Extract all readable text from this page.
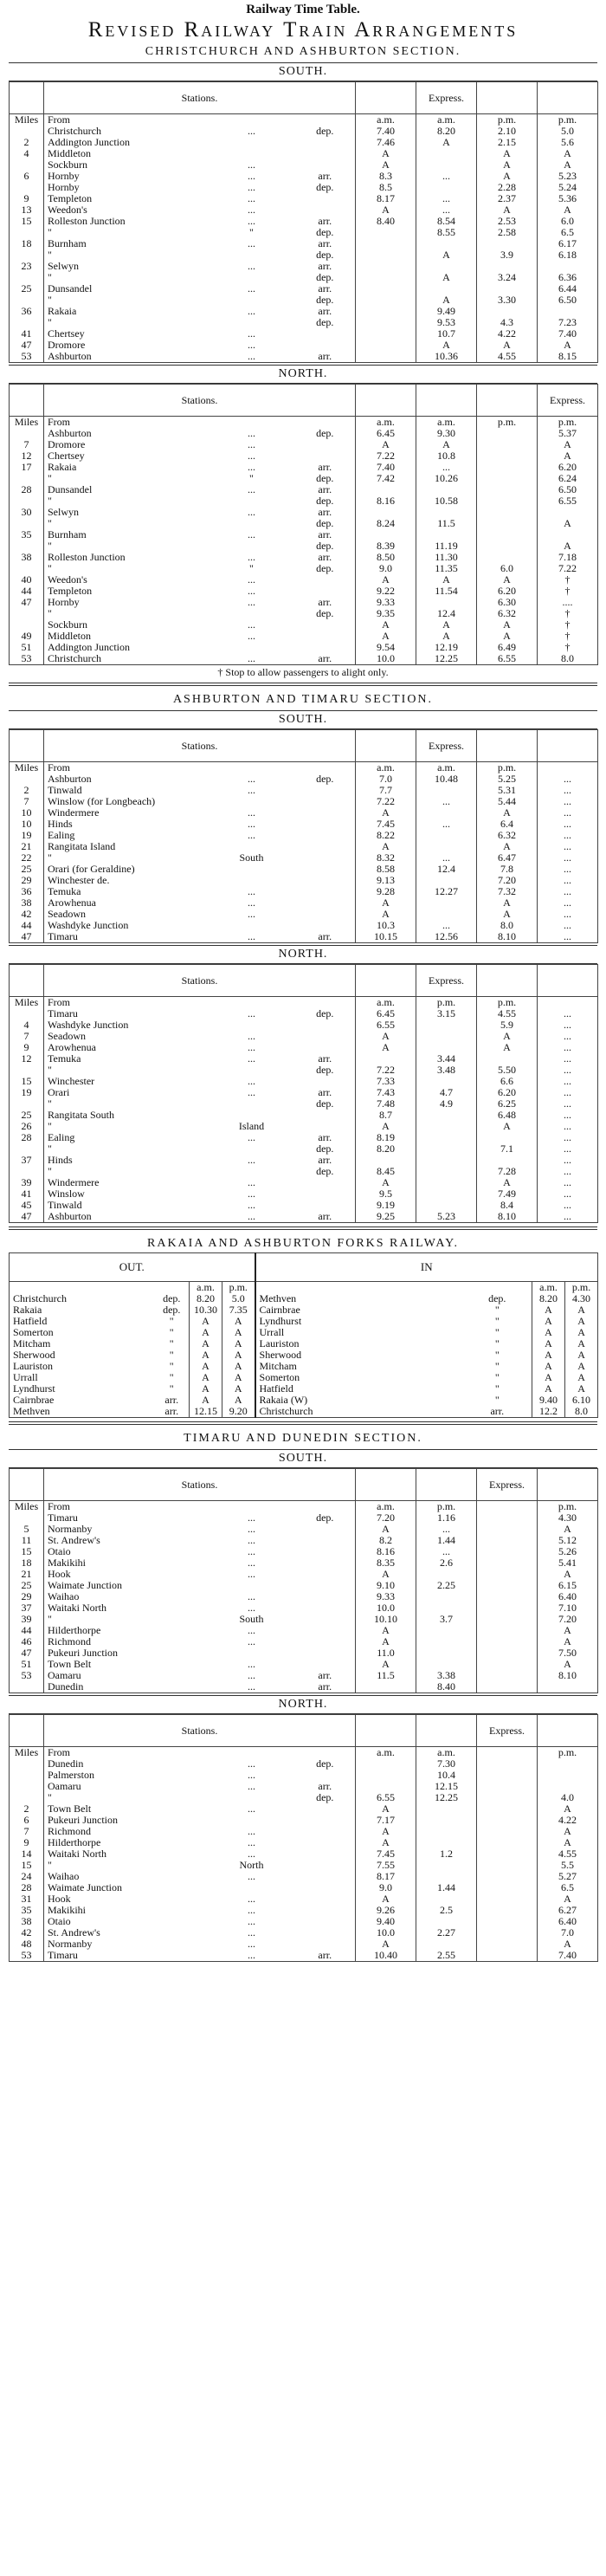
Railway Time Table.
Revised Railway Train Arrangements
CHRISTCHURCH AND ASHBURTON SECTION.
SOUTH.
	Stations.				Express.		
Miles	From			a.m.	a.m.	p.m.	p.m.
	Christchurch	...	dep.	7.40	8.20	2.10	5.0
2	Addington Junction			7.46	A	2.15	5.6
4	Middleton			A		A	A
	Sockburn	...		A		A	A
6	Hornby	...	arr.	8.3	...	A	5.23
	Hornby	...	dep.	8.5		2.28	5.24
9	Templeton	...		8.17	...	2.37	5.36
13	Weedon's	...		A	...	A	A
15	Rolleston Junction	...	arr.	8.40	8.54	2.53	6.0
	"	"	dep.		8.55	2.58	6.5
18	Burnham	...	arr.				6.17
	"		dep.		A	3.9	6.18
23	Selwyn	...	arr.				
	"		dep.		A	3.24	6.36
25	Dunsandel	...	arr.				6.44
	"		dep.		A	3.30	6.50
36	Rakaia	...	arr.		9.49		
	"		dep.		9.53	4.3	7.23
41	Chertsey	...			10.7	4.22	7.40
47	Dromore	...			A	A	A
53	Ashburton	...	arr.		10.36	4.55	8.15
NORTH.
	Stations.						Express.
Miles	From			a.m.	a.m.	p.m.	p.m.
	Ashburton	...	dep.	6.45	9.30		5.37
7	Dromore	...		A	A		A
12	Chertsey	...		7.22	10.8		A
17	Rakaia	...	arr.	7.40	...		6.20
	"	"	dep.	7.42	10.26		6.24
28	Dunsandel	...	arr.				6.50
	"		dep.	8.16	10.58		6.55
30	Selwyn	...	arr.				
	"		dep.	8.24	11.5		A
35	Burnham	...	arr.				
	"		dep.	8.39	11.19		A
38	Rolleston Junction	...	arr.	8.50	11.30		7.18
	"	"	dep.	9.0	11.35	6.0	7.22
40	Weedon's	...		A	A	A	†
44	Templeton	...		9.22	11.54	6.20	†
47	Hornby	...	arr.	9.33		6.30	....
	"		dep.	9.35	12.4	6.32	†
	Sockburn	...		A	A	A	†
49	Middleton	...		A	A	A	†
51	Addington Junction			9.54	12.19	6.49	†
53	Christchurch	...	arr.	10.0	12.25	6.55	8.0
† Stop to allow passengers to alight only.
ASHBURTON AND TIMARU SECTION.
SOUTH.
	Stations.				Express.		
Miles	From			a.m.	a.m.	p.m.	
	Ashburton	...	dep.	7.0	10.48	5.25	...
2	Tinwald	...		7.7		5.31	...
7	Winslow (for Longbeach)			7.22	...	5.44	...
10	Windermere	...		A		A	...
10	Hinds	...		7.45	...	6.4	...
19	Ealing	...		8.22		6.32	...
21	Rangitata Island			A		A	...
22	"	South		8.32	...	6.47	...
25	Orari (for Geraldine)			8.58	12.4	7.8	...
29	Winchester de.			9.13		7.20	...
36	Temuka	...		9.28	12.27	7.32	...
38	Arowhenua	...		A		A	...
42	Seadown	...		A		A	...
44	Washdyke Junction			10.3	...	8.0	...
47	Timaru	...	arr.	10.15	12.56	8.10	...
NORTH.
	Stations.				Express.		
Miles	From			a.m.	p.m.	p.m.	
	Timaru	...	dep.	6.45	3.15	4.55	...
4	Washdyke Junction			6.55		5.9	...
7	Seadown	...		A		A	...
9	Arowhenua	...		A		A	...
12	Temuka	...	arr.		3.44		...
	"		dep.	7.22	3.48	5.50	...
15	Winchester	...		7.33		6.6	...
19	Orari	...	arr.	7.43	4.7	6.20	...
	"		dep.	7.48	4.9	6.25	...
25	Rangitata South			8.7		6.48	...
26	"	Island		A		A	...
28	Ealing	...	arr.	8.19			...
	"		dep.	8.20		7.1	...
37	Hinds	...	arr.				...
	"		dep.	8.45		7.28	...
39	Windermere	...		A		A	...
41	Winslow	...		9.5		7.49	...
45	Tinwald	...		9.19		8.4	...
47	Ashburton	...	arr.	9.25	5.23	8.10	...
RAKAIA AND ASHBURTON FORKS RAILWAY.
OUT.				IN			
		a.m.	p.m.			a.m.	p.m.
Christchurch	dep.	8.20	5.0	Methven	dep.	8.20	4.30
Rakaia	dep.	10.30	7.35	Cairnbrae	"	A	A
Hatfield	"	A	A	Lyndhurst	"	A	A
Somerton	"	A	A	Urrall	"	A	A
Mitcham	"	A	A	Lauriston	"	A	A
Sherwood	"	A	A	Sherwood	"	A	A
Lauriston	"	A	A	Mitcham	"	A	A
Urrall	"	A	A	Somerton	"	A	A
Lyndhurst	"	A	A	Hatfield	"	A	A
Cairnbrae	arr.	A	A	Rakaia (W)	"	9.40	6.10
Methven	arr.	12.15	9.20	Christchurch	arr.	12.2	8.0
TIMARU AND DUNEDIN SECTION.
SOUTH.
	Stations.					Express.	
Miles	From			a.m.	p.m.		p.m.
	Timaru	...	dep.	7.20	1.16		4.30
5	Normanby	...		A	...		A
11	St. Andrew's	...		8.2	1.44		5.12
15	Otaio	...		8.16	...		5.26
18	Makikihi	...		8.35	2.6		5.41
21	Hook	...		A			A
25	Waimate Junction			9.10	2.25		6.15
29	Waihao	...		9.33			6.40
37	Waitaki North	...		10.0			7.10
39	"	South		10.10	3.7		7.20
44	Hilderthorpe	...		A			A
46	Richmond	...		A			A
47	Pukeuri Junction			11.0			7.50
51	Town Belt	...		A			A
53	Oamaru	...	arr.	11.5	3.38		8.10
	Dunedin	...	arr.		8.40		
NORTH.
	Stations.					Express.	
Miles	From			a.m.	a.m.		p.m.
	Dunedin	...	dep.		7.30		
	Palmerston	...			10.4		
	Oamaru	...	arr.		12.15		
	"		dep.	6.55	12.25		4.0
2	Town Belt	...		A			A
6	Pukeuri Junction			7.17			4.22
7	Richmond	...		A			A
9	Hilderthorpe	...		A			A
14	Waitaki North	...		7.45	1.2		4.55
15	"	North		7.55			5.5
24	Waihao	...		8.17			5.27
28	Waimate Junction			9.0	1.44		6.5
31	Hook	...		A			A
35	Makikihi	...		9.26	2.5		6.27
38	Otaio	...		9.40			6.40
42	St. Andrew's	...		10.0	2.27		7.0
48	Normanby	...		A			A
53	Timaru	...	arr.	10.40	2.55		7.40
